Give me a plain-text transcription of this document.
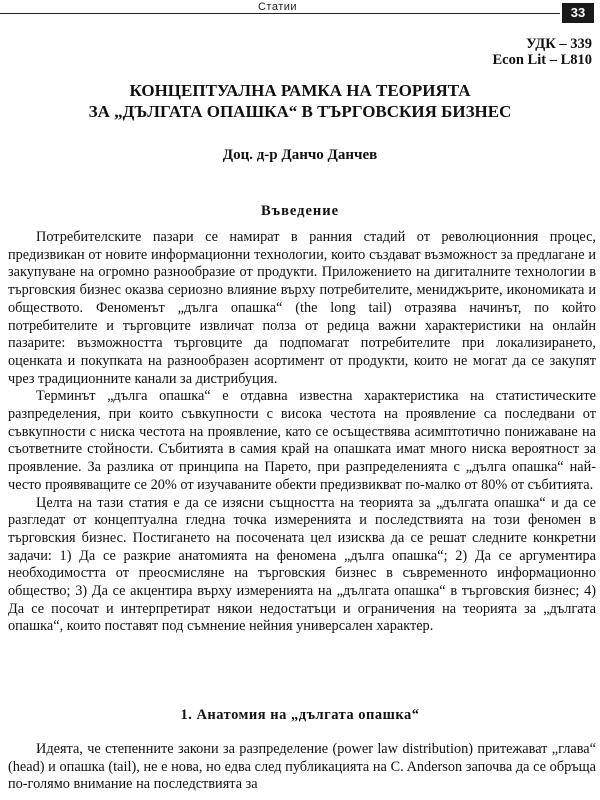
Статии	33
УДК – 339
Econ Lit – L810
КОНЦЕПТУАЛНА РАМКА НА ТЕОРИЯТА
ЗА „ДЪЛГАТА ОПАШКА“ В ТЪРГОВСКИЯ БИЗНЕС
Доц. д-р Данчо Данчев
Въведение

Потребителските пазари се намират в ранния стадий от революционния процес, предизвикан от новите информационни технологии, които създават възможност за предлагане и закупуване на огромно разнообразие от продукти. Приложението на дигиталните технологии в търговския бизнес оказва сериозно влияние върху потребителите, мениджърите, икономиката и обществото. Феноменът „дълга опашка“ (the long tail) отразява начинът, по който потребителите и търговците извличат полза от редица важни характеристики на онлайн пазарите: възможността търговците да подпомагат потребителите при локализирането, оценката и покупката на разнообразен асортимент от продукти, които не могат да се закупят чрез традиционните канали за дистрибуция.

Терминът „дълга опашка“ е отдавна известна характеристика на статистическите разпределения, при които съвкупности с висока честота на проявление са последвани от съвкупности с ниска честота на проявление, като се осъществява асимптотично понижаване на съответните стойности. Събитията в самия край на опашката имат много ниска вероятност за проявление. За разлика от принципа на Парето, при разпределенията с „дълга опашка“ най-често проявяващите се 20% от изучаваните обекти предизвикват по-малко от 80% от събитията.

Целта на тази статия е да се изясни същността на теорията за „дългата опашка“ и да се разгледат от концептуална гледна точка измеренията и последствията на този феномен в търговския бизнес. Постигането на посочената цел изисква да се решат следните конкретни задачи: 1) Да се разкрие анатомията на феномена „дълга опашка“; 2) Да се аргументира необходимостта от преосмисляне на търговския бизнес в съвременното информационно общество; 3) Да се акцентира върху измеренията на „дългата опашка“ в търговския бизнес; 4) Да се посочат и интерпретират някои недостатъци и ограничения на теорията за „дългата опашка“, които поставят под съмнение нейния универсален характер.

1. Анатомия на „дългата опашка“

Идеята, че степенните закони за разпределение (power law distribution) притежават „глава“ (head) и опашка (tail), не е нова, но едва след публикацията на C. Anderson започва да се обръща по-голямо внимание на последствията за
